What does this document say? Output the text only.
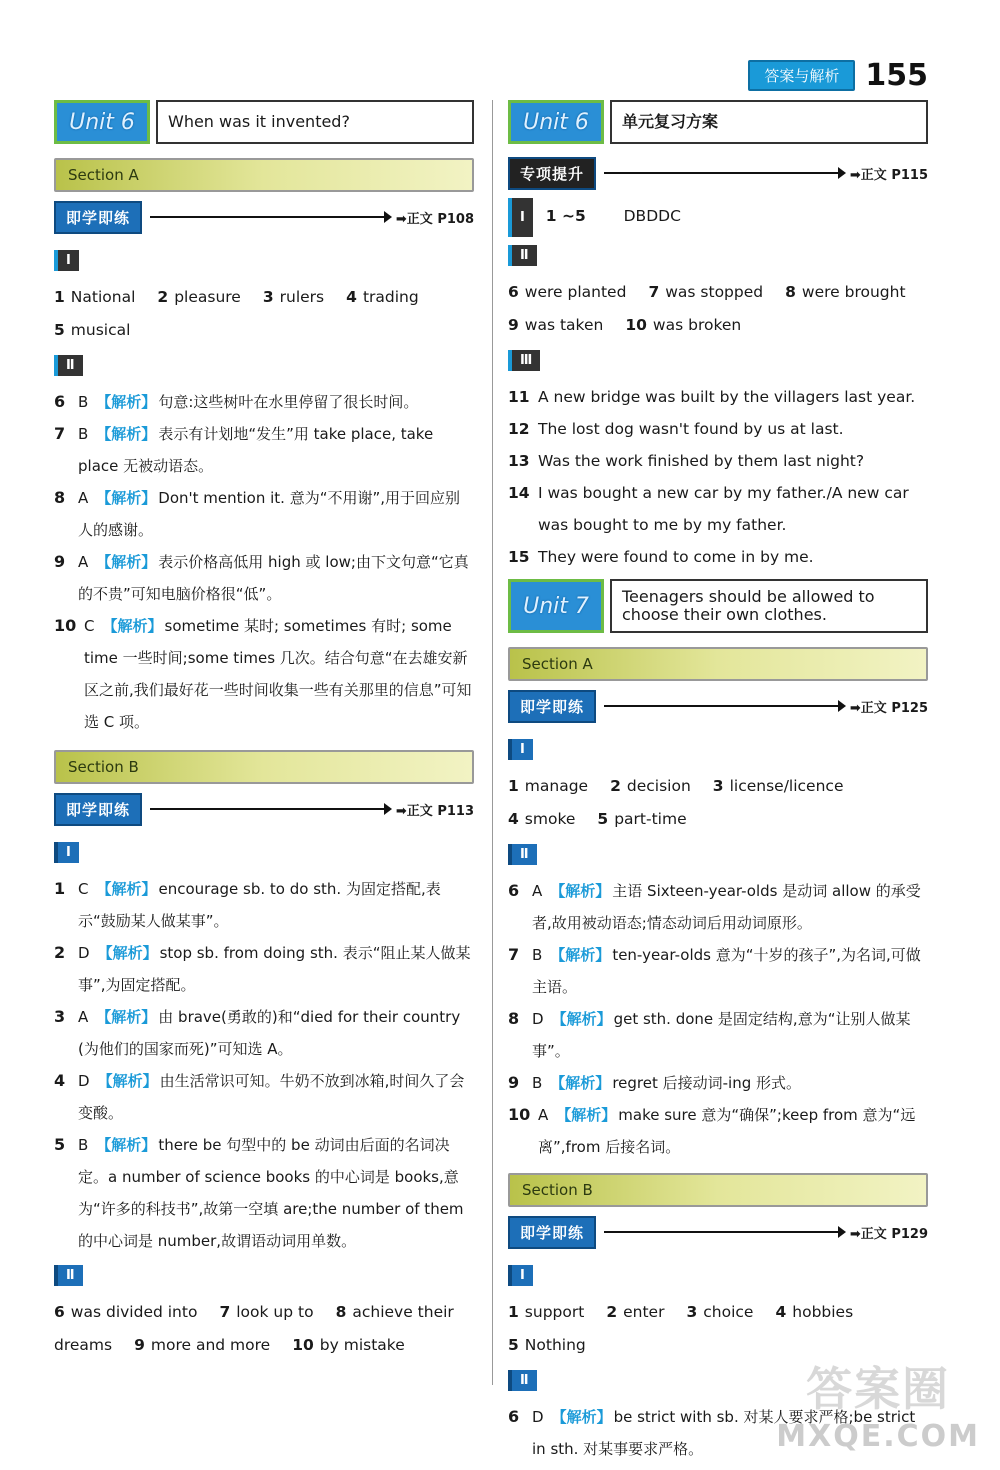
答案与解析 155
Unit 6	When was it invented?
Section A
即学即练	➡正文 P108
Ⅰ
1 National 2 pleasure 3 rulers 4 trading
5 musical
Ⅱ
6 B 【解析】 句意:这些树叶在水里停留了很长时间。
7 B 【解析】 表示有计划地“发生”用 take place, take place 无被动语态。
8 A 【解析】 Don't mention it. 意为“不用谢”,用于回应别人的感谢。
9 A 【解析】 表示价格高低用 high 或 low;由下文句意“它真的不贵”可知电脑价格很“低”。
10 C 【解析】 sometime 某时; sometimes 有时; some time 一些时间;some times 几次。结合句意“在去雄安新区之前,我们最好花一些时间收集一些有关那里的信息”可知选 C 项。
Section B
即学即练	➡正文 P113
Ⅰ
1 C 【解析】 encourage sb. to do sth. 为固定搭配,表示“鼓励某人做某事”。
2 D 【解析】 stop sb. from doing sth. 表示“阻止某人做某事”,为固定搭配。
3 A 【解析】 由 brave(勇敢的)和“died for their country (为他们的国家而死)”可知选 A。
4 D 【解析】 由生活常识可知。牛奶不放到冰箱,时间久了会变酸。
5 B 【解析】 there be 句型中的 be 动词由后面的名词决定。a number of science books 的中心词是 books,意为“许多的科技书”,故第一空填 are;the number of them 的中心词是 number,故谓语动词用单数。
Ⅱ
6 was divided into 7 look up to 8 achieve their
dreams 9 more and more 10 by mistake
Unit 6	单元复习方案
专项提升	➡正文 P115
Ⅰ 1 ~5 DBDDC
Ⅱ
6 were planted 7 was stopped 8 were brought
9 was taken 10 was broken
Ⅲ
11 A new bridge was built by the villagers last year.
12 The lost dog wasn't found by us at last.
13 Was the work finished by them last night?
14 I was bought a new car by my father./A new car was bought to me by my father.
15 They were found to come in by me.
Unit 7	Teenagers should be allowed to choose their own clothes.
Section A
即学即练	➡正文 P125
Ⅰ
1 manage 2 decision 3 license/licence
4 smoke 5 part-time
Ⅱ
6 A 【解析】 主语 Sixteen-year-olds 是动词 allow 的承受者,故用被动语态;情态动词后用动词原形。
7 B 【解析】 ten-year-olds 意为“十岁的孩子”,为名词,可做主语。
8 D 【解析】 get sth. done 是固定结构,意为“让别人做某事”。
9 B 【解析】 regret 后接动词-ing 形式。
10 A 【解析】 make sure 意为“确保”;keep from 意为“远离”,from 后接名词。
Section B
即学即练	➡正文 P129
Ⅰ
1 support 2 enter 3 choice 4 hobbies
5 Nothing
Ⅱ
6 D 【解析】 be strict with sb. 对某人要求严格;be strict in sth. 对某事要求严格。
答案圈
MXQE.COM
